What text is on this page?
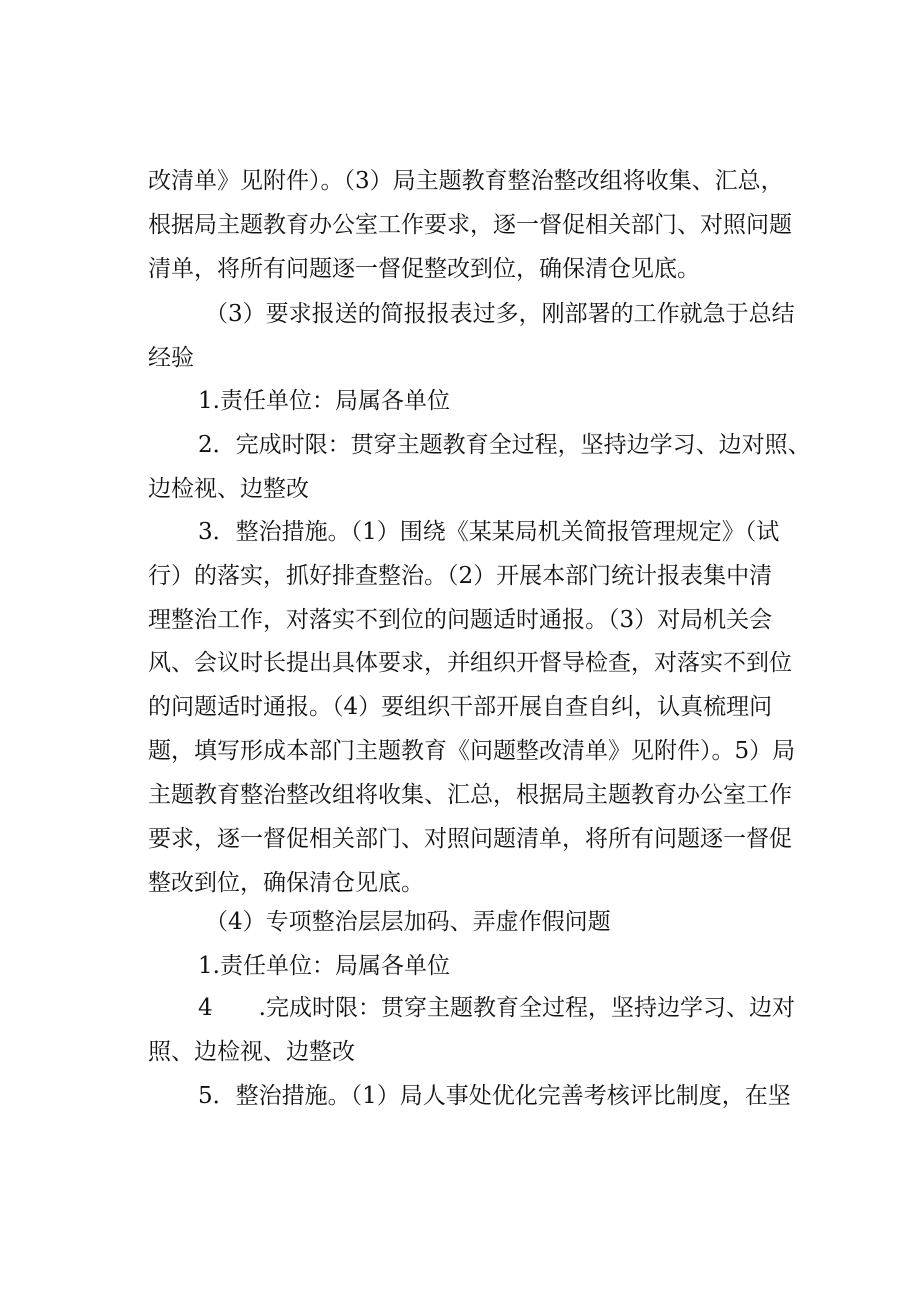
改清单》见附件）。（3）局主题教育整治整改组将收集、汇总，
根据局主题教育办公室工作要求，逐一督促相关部门、对照问题
清单，将所有问题逐一督促整改到位，确保清仓见底。
（3）要求报送的简报报表过多，刚部署的工作就急于总结
经验
1.责任单位：局属各单位
2．完成时限：贯穿主题教育全过程，坚持边学习、边对照、
边检视、边整改
3．整治措施。（1）围绕《某某局机关简报管理规定》（试
行）的落实，抓好排查整治。（2）开展本部门统计报表集中清
理整治工作，对落实不到位的问题适时通报。（3）对局机关会
风、会议时长提出具体要求，并组织开督导检查，对落实不到位
的问题适时通报。（4）要组织干部开展自查自纠，认真梳理问
题，填写形成本部门主题教育《问题整改清单》见附件）。5）局
主题教育整治整改组将收集、汇总，根据局主题教育办公室工作
要求，逐一督促相关部门、对照问题清单，将所有问题逐一督促
整改到位，确保清仓见底。
（4）专项整治层层加码、弄虚作假问题
1.责任单位：局属各单位
4　　.完成时限：贯穿主题教育全过程，坚持边学习、边对
照、边检视、边整改
5．整治措施。（1）局人事处优化完善考核评比制度，在坚
